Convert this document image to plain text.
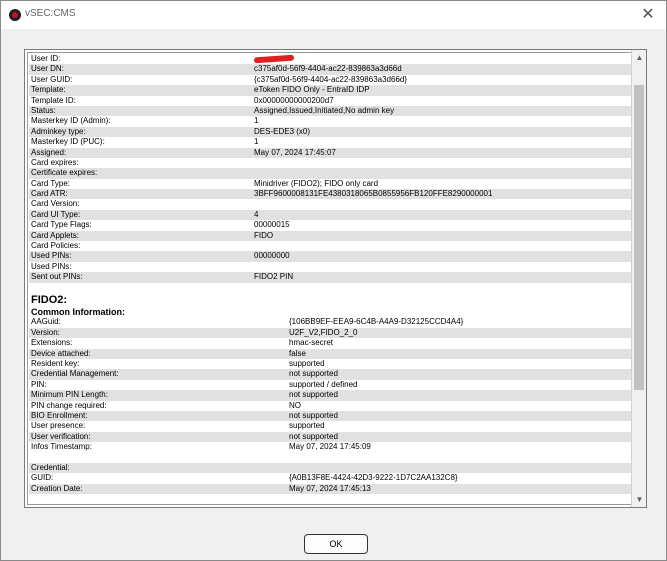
vSEC:CMS	✕
User ID:
User DN:	c375af0d-56f9-4404-ac22-839863a3d66d
User GUID:	{c375af0d-56f9-4404-ac22-839863a3d66d}
Template:	eToken FIDO Only - EntraID IDP
Template ID:	0x00000000000200d7
Status:	Assigned,Issued,Initiated,No admin key
Masterkey ID (Admin):	1
Adminkey type:	DES-EDE3 (x0)
Masterkey ID (PUC):	1
Assigned:	May 07, 2024 17:45:07
Card expires:
Certificate expires:
Card Type:	Minidriver (FIDO2); FIDO only card
Card ATR:	3BFF9600008131FE4380318065B0855956FB120FFE8290000001
Card Version:
Card UI Type:	4
Card Type Flags:	00000015
Card Applets:	FIDO
Card Policies:
Used PINs:	00000000
Used PINs:
Sent out PINs:	FIDO2 PIN
FIDO2:
Common Information:
AAGuid:	{106BB9EF-EEA9-6C4B-A4A9-D32125CCD4A4}
Version:	U2F_V2,FIDO_2_0
Extensions:	hmac-secret
Device attached:	false
Resident key:	supported
Credential Management:	not supported
PIN:	supported / defined
Minimum PIN Length:	not supported
PIN change required:	NO
BIO Enrollment:	not supported
User presence:	supported
User verification:	not supported
Infos Timestamp:	May 07, 2024 17:45:09
Credential:
GUID:	{A0B13F8E-4424-42D3-9222-1D7C2AA132C8}
Creation Date:	May 07, 2024 17:45:13
▲
▼
OK
